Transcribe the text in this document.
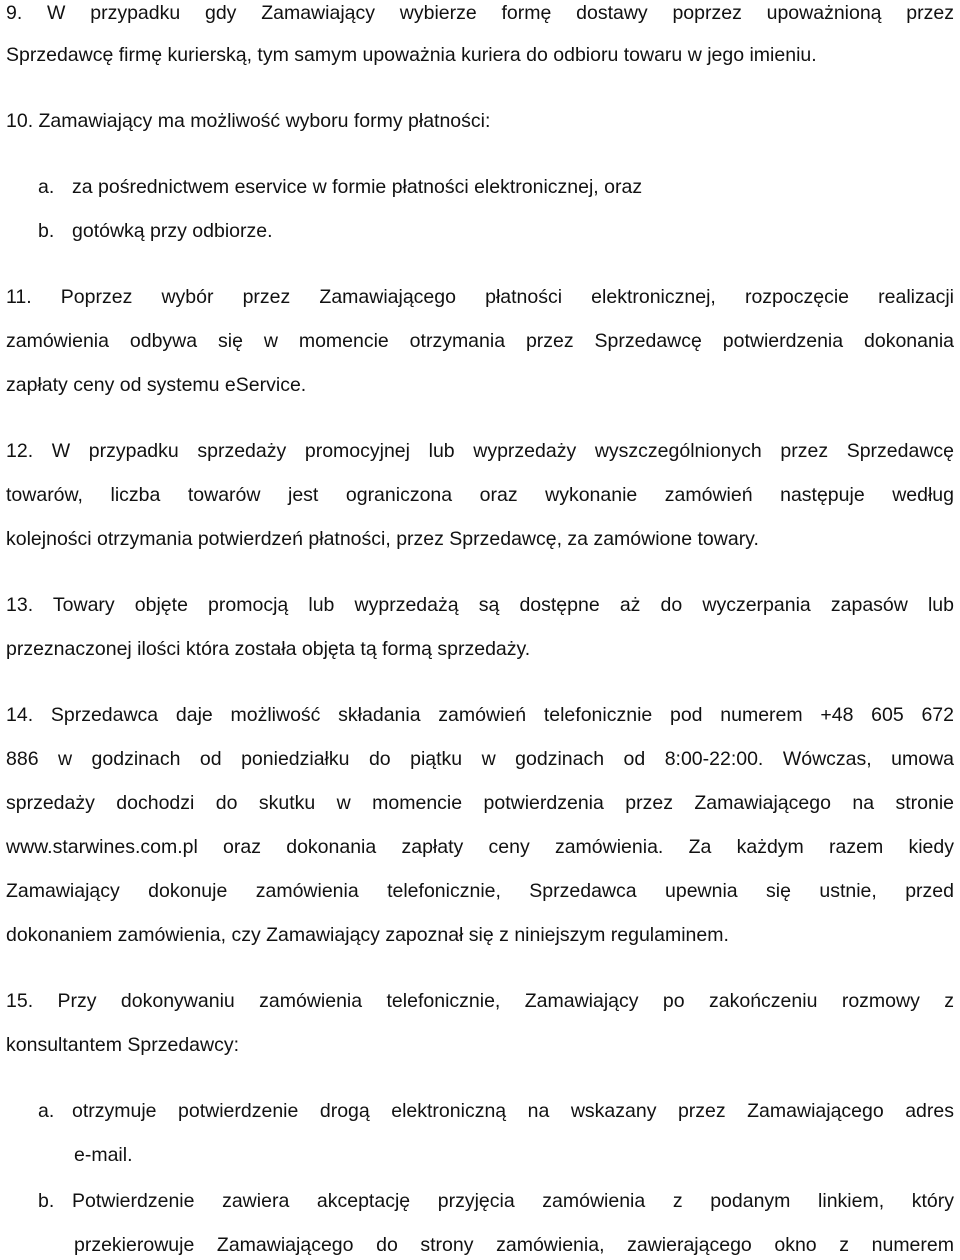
9. W przypadku gdy Zamawiający wybierze formę dostawy poprzez upoważnioną przez
Sprzedawcę firmę kurierską, tym samym upoważnia kuriera do odbioru towaru w jego imieniu.
10. Zamawiający ma możliwość wyboru formy płatności:
a. za pośrednictwem eservice w formie płatności elektronicznej, oraz
b. gotówką przy odbiorze.
11. Poprzez wybór przez Zamawiającego płatności elektronicznej, rozpoczęcie realizacji
zamówienia odbywa się w momencie otrzymania przez Sprzedawcę potwierdzenia dokonania
zapłaty ceny od systemu eService.
12. W przypadku sprzedaży promocyjnej lub wyprzedaży wyszczególnionych przez Sprzedawcę
towarów, liczba towarów jest ograniczona oraz wykonanie zamówień następuje według
kolejności otrzymania potwierdzeń płatności, przez Sprzedawcę, za zamówione towary.
13. Towary objęte promocją lub wyprzedażą są dostępne aż do wyczerpania zapasów lub
przeznaczonej ilości która została objęta tą formą sprzedaży.
14. Sprzedawca daje możliwość składania zamówień telefonicznie pod numerem +48 605 672
886 w godzinach od poniedziałku do piątku w godzinach od 8:00-22:00. Wówczas, umowa
sprzedaży dochodzi do skutku w momencie potwierdzenia przez Zamawiającego na stronie
www.starwines.com.pl oraz dokonania zapłaty ceny zamówienia. Za każdym razem kiedy
Zamawiający dokonuje zamówienia telefonicznie, Sprzedawca upewnia się ustnie, przed
dokonaniem zamówienia, czy Zamawiający zapoznał się z niniejszym regulaminem.
15. Przy dokonywaniu zamówienia telefonicznie, Zamawiający po zakończeniu rozmowy z
konsultantem Sprzedawcy:
a. otrzymuje potwierdzenie drogą elektroniczną na wskazany przez Zamawiającego adres
e-mail.
b. Potwierdzenie zawiera akceptację przyjęcia zamówienia z podanym linkiem, który
przekierowuje Zamawiającego do strony zamówienia, zawierającego okno z numerem
